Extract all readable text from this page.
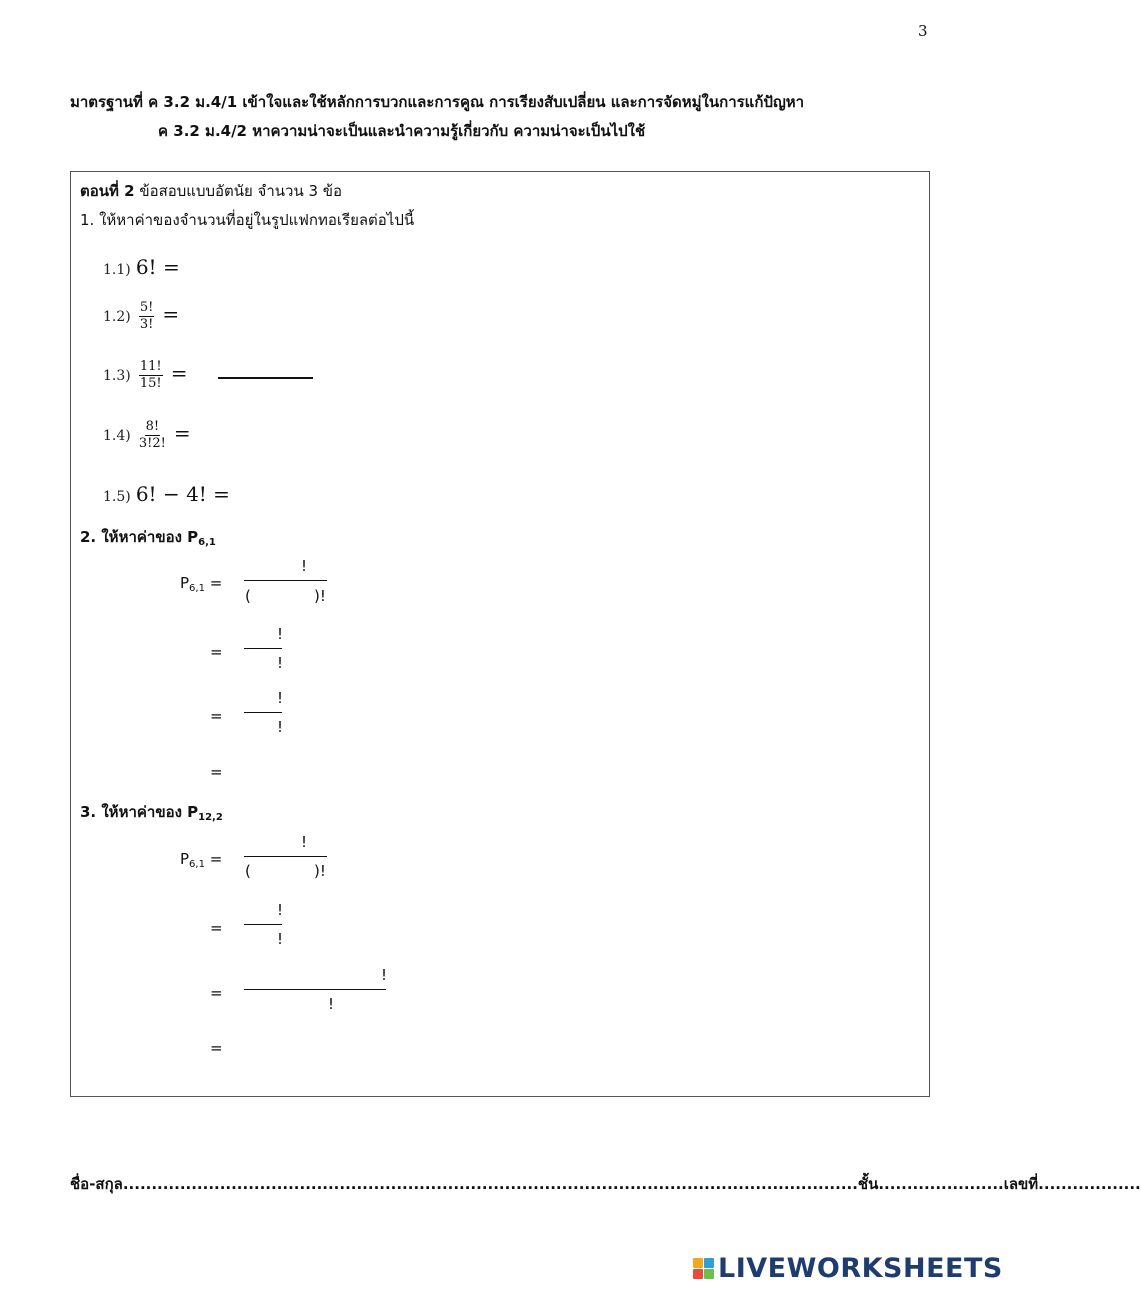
3
มาตรฐานที่ ค 3.2 ม.4/1 เข้าใจและใช้หลักการบวกและการคูณ การเรียงสับเปลี่ยน และการจัดหมู่ในการแก้ปัญหา
ค 3.2 ม.4/2 หาความน่าจะเป็นและนำความรู้เกี่ยวกับ ความน่าจะเป็นไปใช้
ตอนที่ 2 ข้อสอบแบบอัตนัย จำนวน 3 ข้อ
1. ให้หาค่าของจำนวนที่อยู่ในรูปแฟกทอเรียลต่อไปนี้
1.1) 6! =
$1.2) \frac{5!}{3!}$ =
$1.3) \frac{11!}{15!}$ =
$1.4) \frac{8!}{3!2!}$ =
1.5) 6! − 4! =
2. ให้หาค่าของ $P_{6,1}$
$P_{6,1}$ =
!
(	)!
=
!
!
=
!
!
=
3. ให้หาค่าของ $P_{12,2}$
$P_{6,1}$ =
!
(	)!
=
!
!
=
!
!
=
ชื่อ-สกุล.................................................................................................................................ชั้น......................เลขที่..................
LIVEWORKSHEETS
